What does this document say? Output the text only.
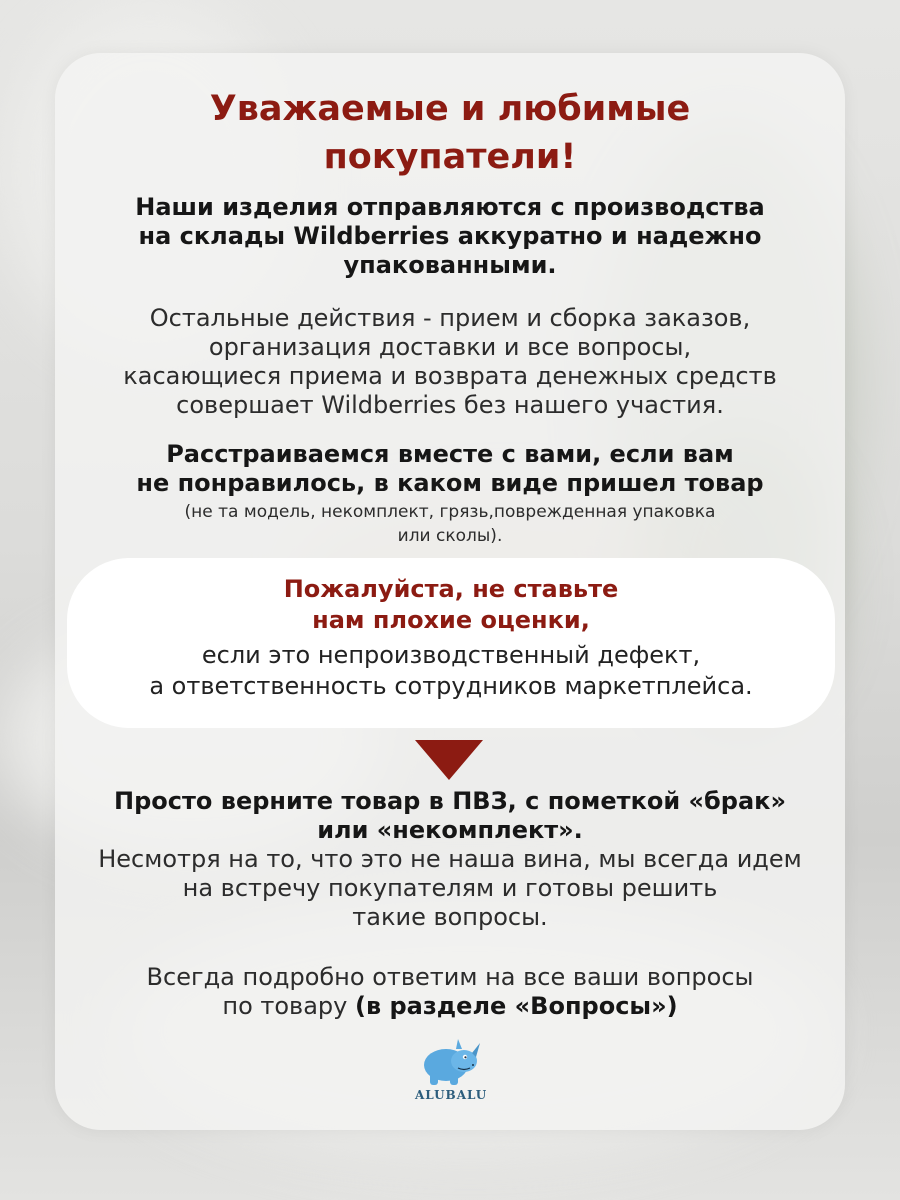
Уважаемые и любимые
покупатели!
Наши изделия отправляются с производства
на склады Wildberries аккуратно и надежно
упакованными.
Остальные действия - прием и сборка заказов,
организация доставки и все вопросы,
касающиеся приема и возврата денежных средств
совершает Wildberries без нашего участия.
Расстраиваемся вместе с вами, если вам
не понравилось, в каком виде пришел товар
(не та модель, некомплект, грязь,поврежденная упаковка
или сколы).
Пожалуйста, не ставьте
нам плохие оценки,
если это непроизводственный дефект,
а ответственность сотрудников маркетплейса.
Просто верните товар в ПВЗ, с пометкой «брак»
или «некомплект».
Несмотря на то, что это не наша вина, мы всегда идем
на встречу покупателям и готовы решить
такие вопросы.
Всегда подробно ответим на все ваши вопросы
по товару (в разделе «Вопросы»)
ALUBALU
